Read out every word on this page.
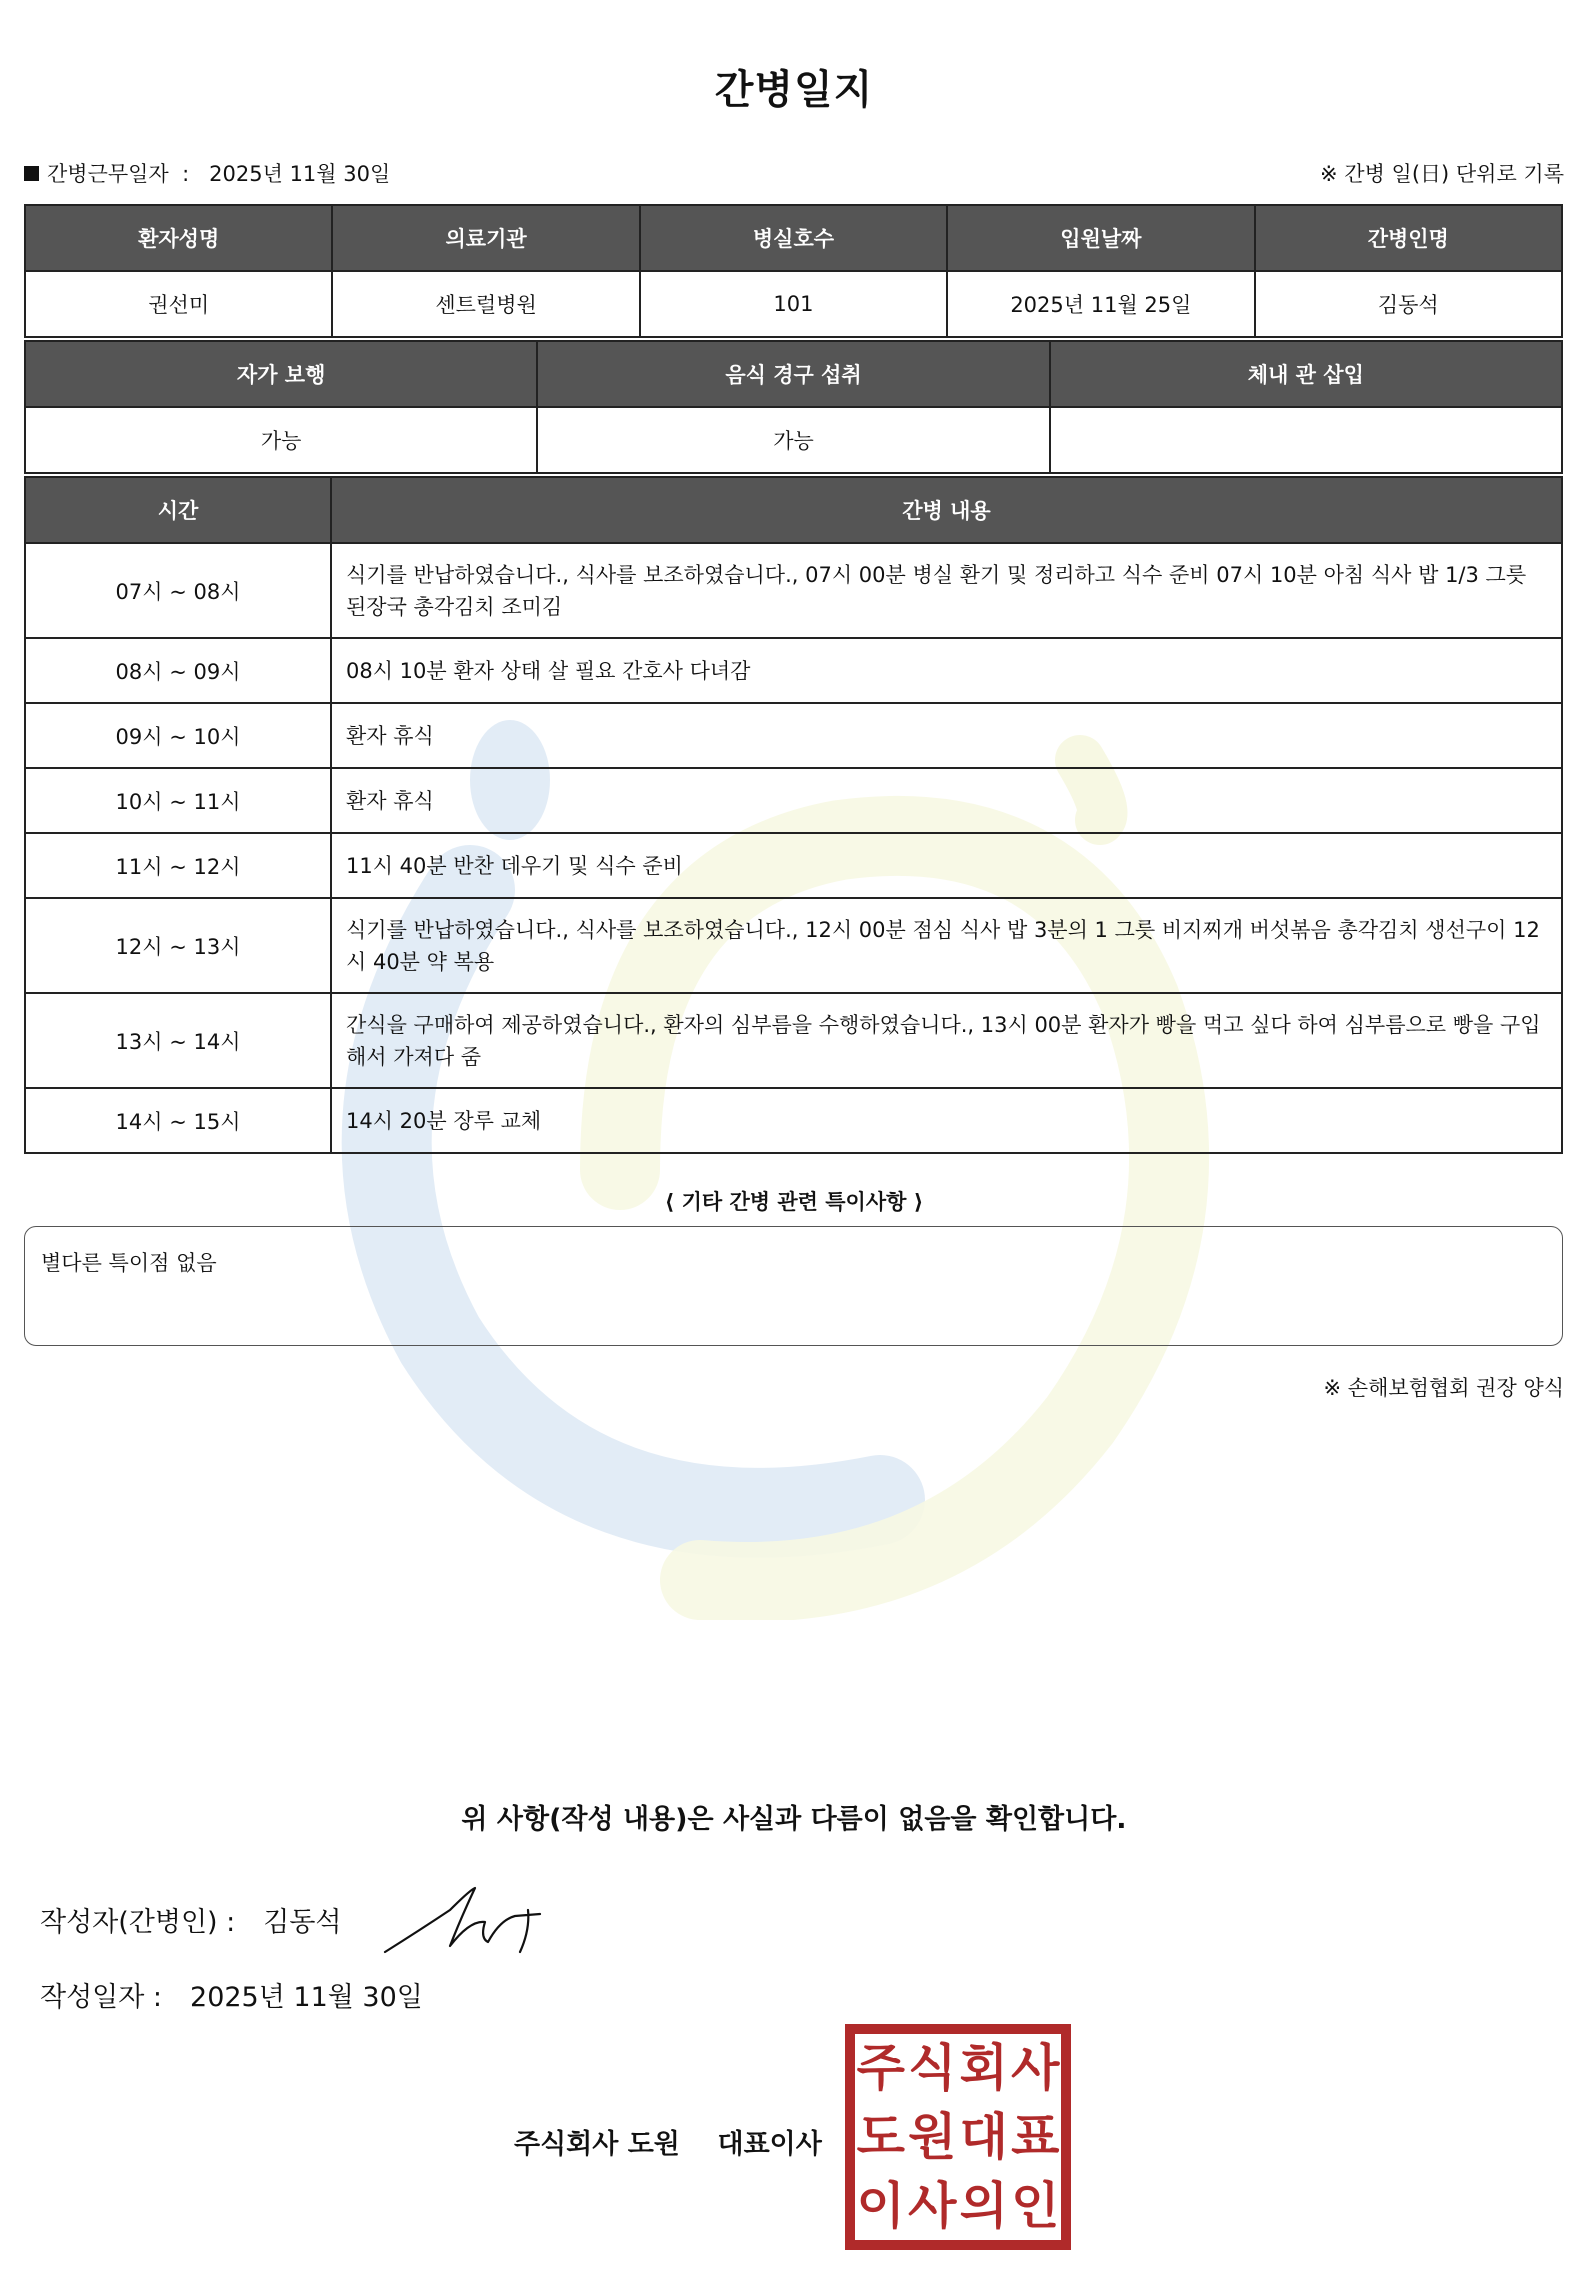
간병일지
간병근무일자  :   2025년 11월 30일	※ 간병 일(日) 단위로 기록
환자성명	의료기관	병실호수	입원날짜	간병인명
권선미	센트럴병원	101	2025년 11월 25일	김동석
자가 보행	음식 경구 섭취	체내 관 삽입
가능	가능	
시간	간병 내용
07시 ~ 08시	식기를 반납하였습니다., 식사를 보조하였습니다., 07시 00분 병실 환기 및 정리하고 식수 준비 07시 10분 아침 식사 밥 1/3 그릇 된장국 총각김치 조미김
08시 ~ 09시	08시 10분 환자 상태 살 필요 간호사 다녀감
09시 ~ 10시	환자 휴식
10시 ~ 11시	환자 휴식
11시 ~ 12시	11시 40분 반찬 데우기 및 식수 준비
12시 ~ 13시	식기를 반납하였습니다., 식사를 보조하였습니다., 12시 00분 점심 식사 밥 3분의 1 그릇 비지찌개 버섯볶음 총각김치 생선구이 12시 40분 약 복용
13시 ~ 14시	간식을 구매하여 제공하였습니다., 환자의 심부름을 수행하였습니다., 13시 00분 환자가 빵을 먹고 싶다 하여 심부름으로 빵을 구입해서 가져다 줌
14시 ~ 15시	14시 20분 장루 교체
⟨ 기타 간병 관련 특이사항 ⟩
별다른 특이점 없음
※ 손해보험협회 권장 양식
위 사항(작성 내용)은 사실과 다름이 없음을 확인합니다.
작성자(간병인) : 김동석
작성일자 : 2025년 11월 30일
주식회사 도원 대표이사
주 식 회 사
도 원 대 표
이 사 의 인
